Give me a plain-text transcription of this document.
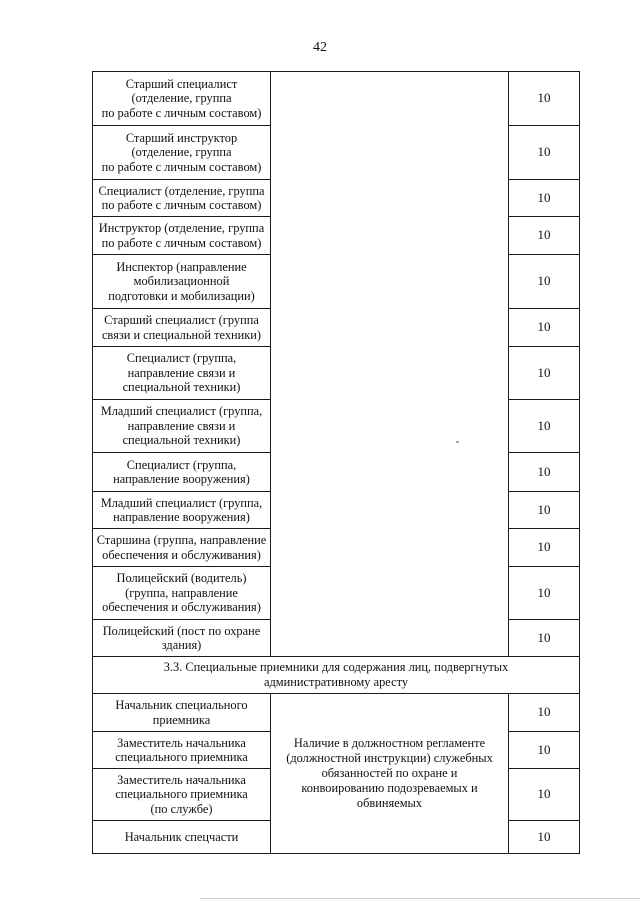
42
Старший специалист
(отделение, группа
по работе с личным составом)		10
Старший инструктор
(отделение, группа
по работе с личным составом)		10
Специалист (отделение, группа
по работе с личным составом)		10
Инструктор (отделение, группа
по работе с личным составом)		10
Инспектор (направление
мобилизационной
подготовки и мобилизации)		10
Старший специалист (группа
связи и специальной техники)		10
Специалист (группа,
направление связи и
специальной техники)		10
Младший специалист (группа,
направление связи и
специальной техники)		10
Специалист (группа,
направление вооружения)		10
Младший специалист (группа,
направление вооружения)		10
Старшина (группа, направление
обеспечения и обслуживания)		10
Полицейский (водитель)
(группа, направление
обеспечения и обслуживания)		10
Полицейский (пост по охране
здания)		10
3.3. Специальные приемники для содержания лиц, подвергнутых административному аресту		
Начальник специального
приемника	Наличие в должностном регламенте (должностной инструкции) служебных обязанностей по охране и конвоированию подозреваемых и обвиняемых	10
Заместитель начальника
специального приемника		10
Заместитель начальника
специального приемника
(по службе)		10
Начальник спецчасти		10
